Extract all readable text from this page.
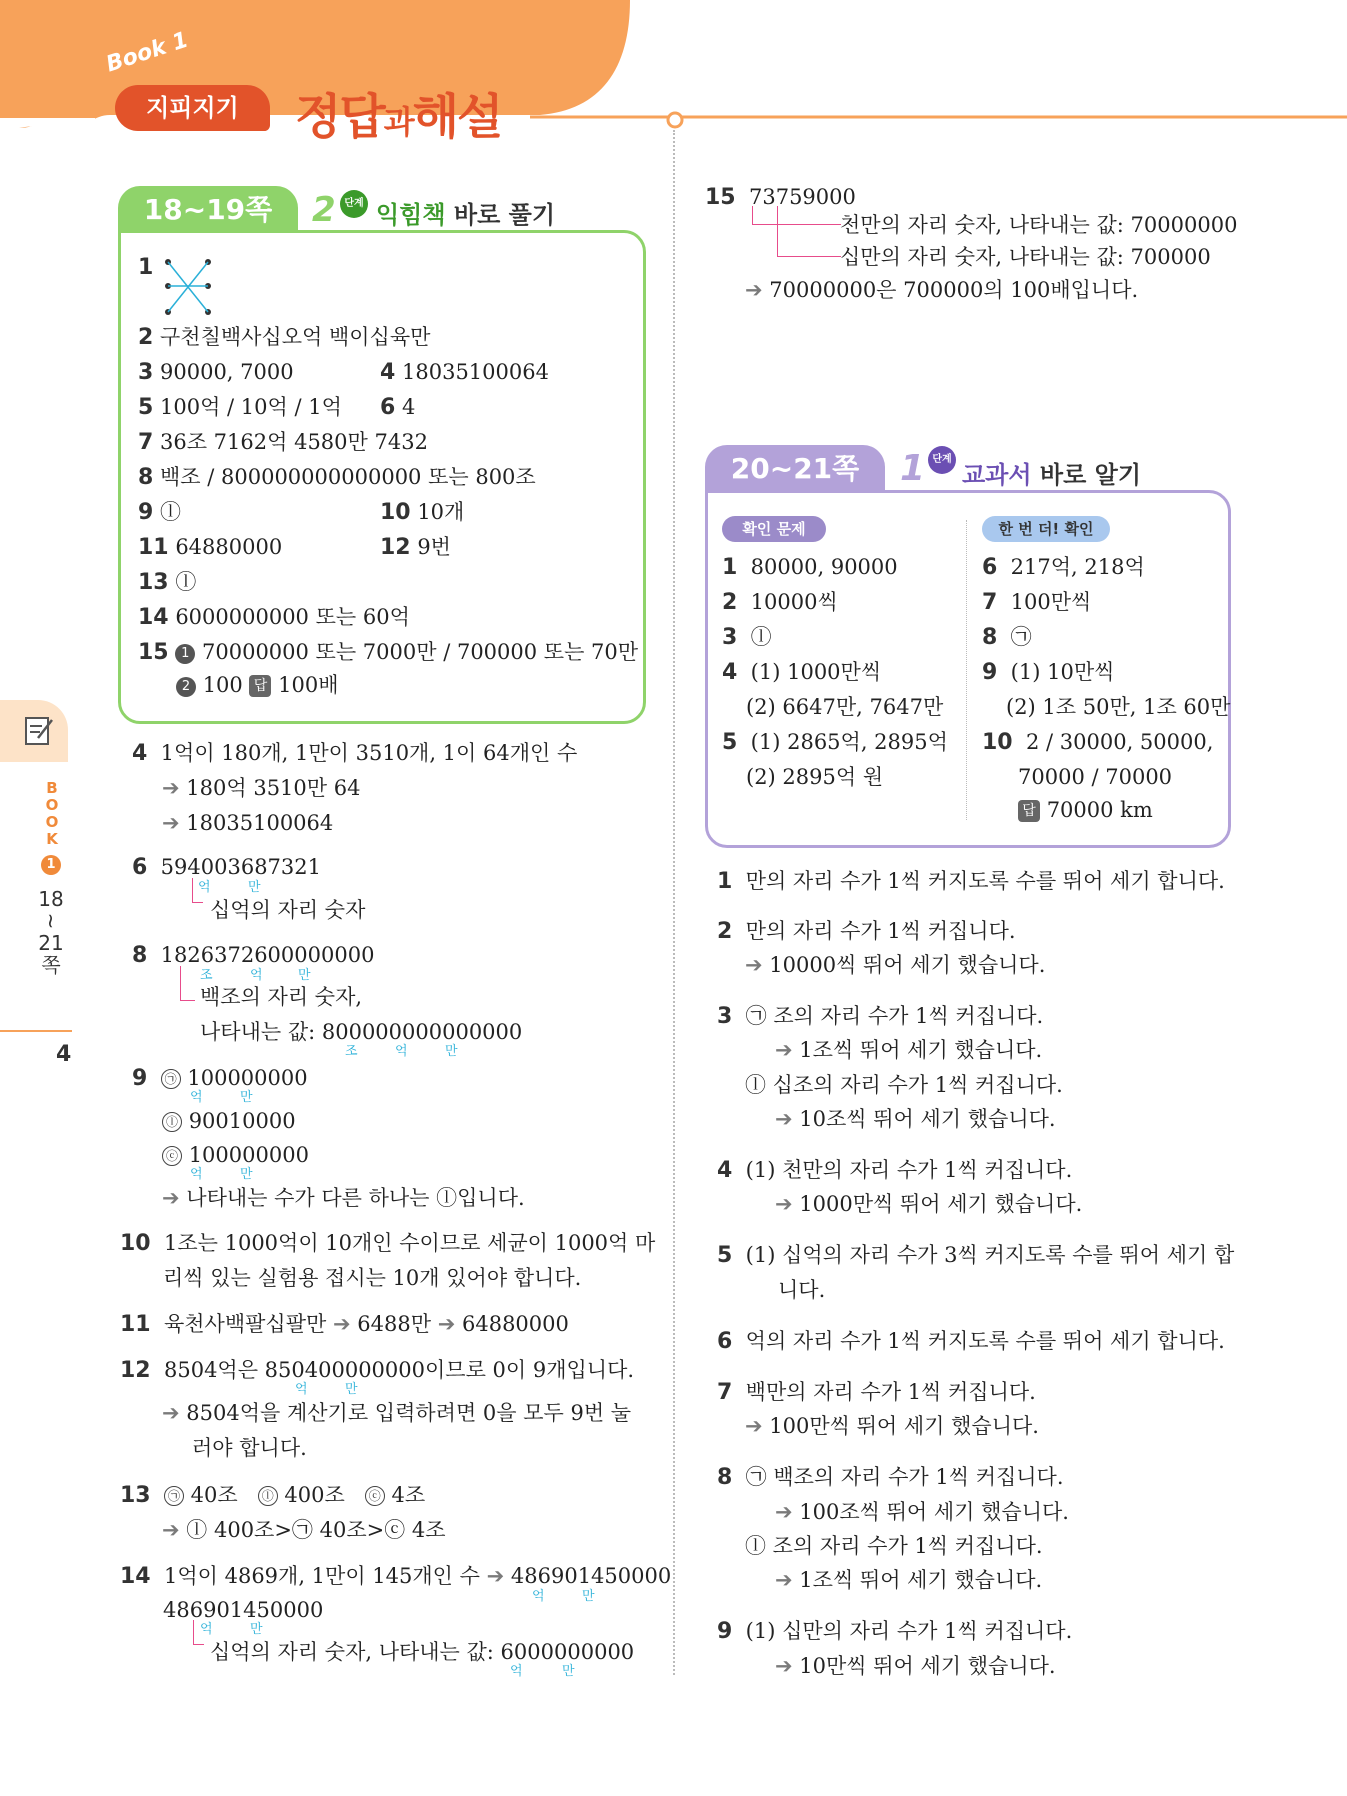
Book 1
지피지기	정답과해설
B
O
O
K
1
18
~
21
쪽
4
18~19쪽	2 단계 익힘책 바로 풀기
1
2 구천칠백사십오억 백이십육만
3 90000, 7000	4 18035100064
5 100억 / 10억 / 1억 6 4
7 36조 7162억 4580만 7432
8 백조 / 800000000000000 또는 800조
9 ⓛ	10 10개
11 64880000	12 9번
13 ⓛ
14 6000000000 또는 60억
15 1 70000000 또는 7000만 / 700000 또는 70만
2 100 답 100배
4 1억이 180개, 1만이 3510개, 1이 64개인 수
➔ 180억 3510만 64
➔ 18035100064
6 594003687321
억	만
십억의 자리 숫자
8 1826372600000000
조	억	만
백조의 자리 숫자,
나타내는 값: 800000000000000
조	억	만
9 ㉠ 100000000
억	만
ⓛ 90010000
ⓒ 100000000
억	만
➔ 나타내는 수가 다른 하나는 ⓛ입니다.
10 1조는 1000억이 10개인 수이므로 세균이 1000억 마
리씩 있는 실험용 접시는 10개 있어야 합니다.
11 육천사백팔십팔만 ➔ 6488만 ➔ 64880000
12 8504억은 850400000000이므로 0이 9개입니다.
억	만
➔ 8504억을 계산기로 입력하려면 0을 모두 9번 눌
러야 합니다.
13 ㉠ 40조 ⓛ 400조 ⓒ 4조
➔ ⓛ 400조>㉠ 40조>ⓒ 4조
14 1억이 4869개, 1만이 145개인 수 ➔ 486901450000
억	만
486901450000
억	만
십억의 자리 숫자, 나타내는 값: 6000000000
억	만
15 73759000
천만의 자리 숫자, 나타내는 값: 70000000
십만의 자리 숫자, 나타내는 값: 700000
➔ 70000000은 700000의 100배입니다.
20~21쪽	1 단계
교과서 바로 알기
확인 문제	한 번 더! 확인
1 80000, 90000
2 10000씩
3 ⓛ
4 (1) 1000만씩
(2) 6647만, 7647만
5 (1) 2865억, 2895억
(2) 2895억 원
6 217억, 218억
7 100만씩
8 ㉠
9 (1) 10만씩
(2) 1조 50만, 1조 60만
10 2 / 30000, 50000,
70000 / 70000
답 70000 km
1 만의 자리 수가 1씩 커지도록 수를 뛰어 세기 합니다.
2 만의 자리 수가 1씩 커집니다.
➔ 10000씩 뛰어 세기 했습니다.
3 ㉠ 조의 자리 수가 1씩 커집니다.
➔ 1조씩 뛰어 세기 했습니다.
ⓛ 십조의 자리 수가 1씩 커집니다.
➔ 10조씩 뛰어 세기 했습니다.
4 (1) 천만의 자리 수가 1씩 커집니다.
➔ 1000만씩 뛰어 세기 했습니다.
5 (1) 십억의 자리 수가 3씩 커지도록 수를 뛰어 세기 합
니다.
6 억의 자리 수가 1씩 커지도록 수를 뛰어 세기 합니다.
7 백만의 자리 수가 1씩 커집니다.
➔ 100만씩 뛰어 세기 했습니다.
8 ㉠ 백조의 자리 수가 1씩 커집니다.
➔ 100조씩 뛰어 세기 했습니다.
ⓛ 조의 자리 수가 1씩 커집니다.
➔ 1조씩 뛰어 세기 했습니다.
9 (1) 십만의 자리 수가 1씩 커집니다.
➔ 10만씩 뛰어 세기 했습니다.
